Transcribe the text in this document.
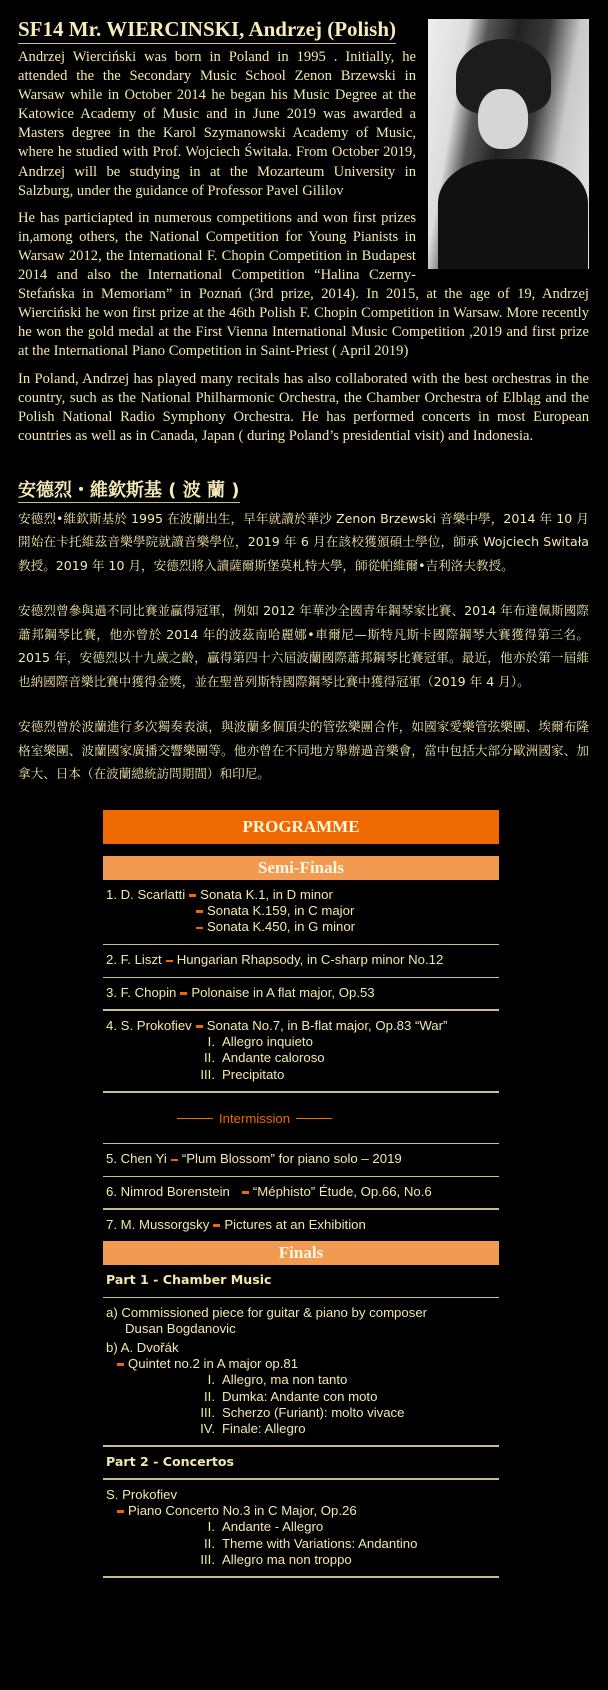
SF14 Mr. WIERCINSKI, Andrzej (Polish)

Andrzej Wierciński was born in Poland in 1995 . Initially, he attended the the Secondary Music School Zenon Brzewski in Warsaw while in October 2014 he began his Music Degree at the Katowice Academy of Music and in June 2019 was awarded a Masters degree in the Karol Szymanowski Academy of Music, where he studied with Prof. Wojciech Świtała. From October 2019, Andrzej will be studying in at the Mozarteum University in Salzburg, under the guidance of Professor Pavel Gililov

He has particiapted in numerous competitions and won first prizes in,among others, the National Competition for Young Pianists in Warsaw 2012, the International F. Chopin Competition in Budapest 2014 and also the International Competition “Halina Czerny-Stefańska in Memoriam” in Poznań (3rd prize, 2014). In 2015, at the age of 19, Andrzej Wierciński he won first prize at the 46th Polish F. Chopin Competition in Warsaw. More recently he won the gold medal at the First Vienna International Music Competition ,2019 and first prize at the International Piano Competition in Saint-Priest ( April 2019)

In Poland, Andrzej has played many recitals has also collaborated with the best orchestras in the country, such as the National Philharmonic Orchestra, the Chamber Orchestra of Elbląg and the Polish National Radio Symphony Orchestra. He has performed concerts in most European countries as well as in Canada, Japan ( during Poland’s presidential visit) and Indonesia.

安德烈・維欽斯基 ( 波 蘭 )

安德烈•維欽斯基於 1995 在波蘭出生，早年就讀於華沙 Zenon Brzewski 音樂中學，2014 年 10 月開始在卡托維茲音樂學院就讀音樂學位，2019 年 6 月在該校獲頒碩士學位，師承 Wojciech Switała 教授。2019 年 10 月，安德烈將入讀薩爾斯堡莫札特大學，師從帕維爾•吉利洛夫教授。

安德烈曾參與過不同比賽並贏得冠軍，例如 2012 年華沙全國青年鋼琴家比賽、2014 年布達佩斯國際蕭邦鋼琴比賽，他亦曾於 2014 年的波茲南哈麗娜•車爾尼—斯特凡斯卡國際鋼琴大賽獲得第三名。2015 年，安德烈以十九歲之齡，贏得第四十六屆波蘭國際蕭邦鋼琴比賽冠軍。最近，他亦於第一屆維也納國際音樂比賽中獲得金獎，並在聖普列斯特國際鋼琴比賽中獲得冠軍（2019 年 4 月）。

安德烈曾於波蘭進行多次獨奏表演，與波蘭多個頂尖的管弦樂團合作，如國家愛樂管弦樂團、埃爾布隆格室樂團、波蘭國家廣播交響樂團等。他亦曾在不同地方舉辦過音樂會，當中包括大部分歐洲國家、加拿大、日本（在波蘭總統訪問期間）和印尼。

PROGRAMME
Semi-Finals
1. D. Scarlatti Sonata K.1, in D minor
Sonata K.159, in C major
Sonata K.450, in G minor
2. F. Liszt Hungarian Rhapsody, in C-sharp minor No.12
3. F. Chopin Polonaise in A flat major, Op.53
4. S. Prokofiev Sonata No.7, in B-flat major, Op.83 “War”
I. Allegro inquieto
II. Andante caloroso
III. Precipitato
Intermission
5. Chen Yi “Plum Blossom” for piano solo – 2019
6. Nimrod Borenstein “Méphisto” Étude, Op.66, No.6
7. M. Mussorgsky Pictures at an Exhibition
Finals
Part 1 - Chamber Music
a) Commissioned piece for guitar & piano by composer
Dusan Bogdanovic
b) A. Dvořák
Quintet no.2 in A major op.81
I. Allegro, ma non tanto
II. Dumka: Andante con moto
III. Scherzo (Furiant): molto vivace
IV. Finale: Allegro
Part 2 - Concertos
S. Prokofiev
Piano Concerto No.3 in C Major, Op.26
I. Andante - Allegro
II. Theme with Variations: Andantino
III. Allegro ma non troppo
